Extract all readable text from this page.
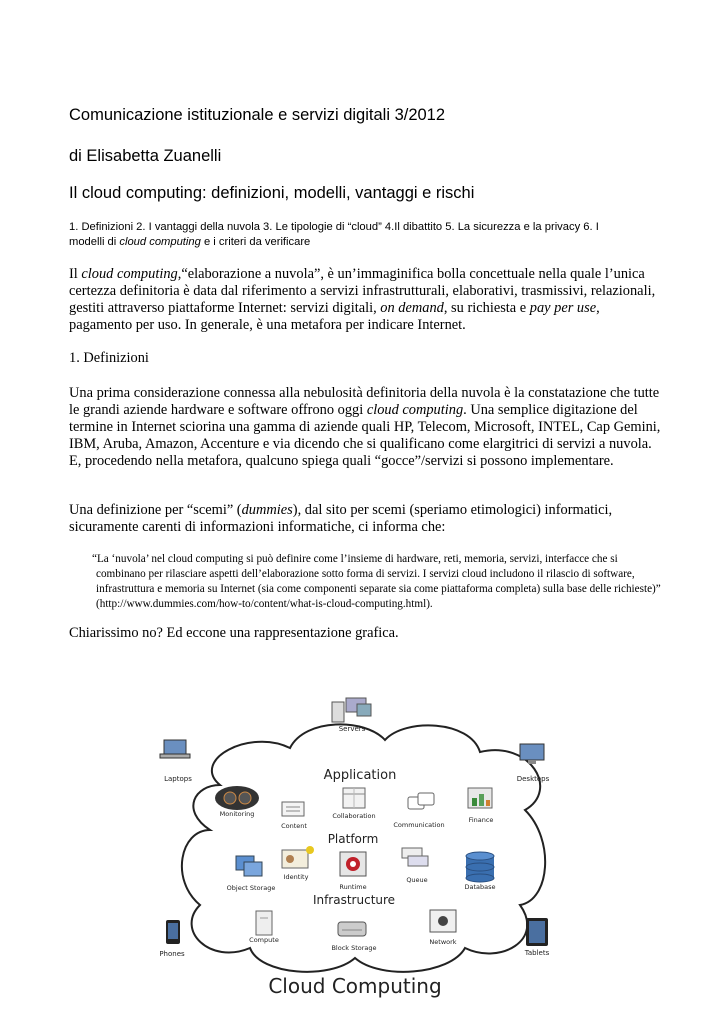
Comunicazione istituzionale e servizi digitali 3/2012
di Elisabetta Zuanelli
Il cloud computing: definizioni, modelli, vantaggi e rischi

1. Definizioni 2. I vantaggi della nuvola 3. Le tipologie di “cloud” 4.Il dibattito 5. La sicurezza e la privacy 6. I
modelli di cloud computing e i criteri da verificare

Il cloud computing,“elaborazione a nuvola”, è un’immaginifica bolla concettuale nella quale l’unica certezza definitoria è data dal riferimento a servizi infrastrutturali, elaborativi, trasmissivi, relazionali, gestiti attraverso piattaforme Internet: servizi digitali, on demand, su richiesta e pay per use, pagamento per uso. In generale, è una metafora per indicare Internet.

1. Definizioni

Una prima considerazione connessa alla nebulosità definitoria della nuvola è la constatazione che tutte le grandi aziende hardware e software offrono oggi cloud computing. Una semplice digitazione del termine in Internet sciorina una gamma di aziende quali HP, Telecom, Microsoft, INTEL, Cap Gemini, IBM, Aruba, Amazon, Accenture e via dicendo che si qualificano come elargitrici di servizi a nuvola. E, procedendo nella metafora, qualcuno spiega quali “gocce”/servizi si possono implementare.

Una definizione per “scemi” (dummies), dal sito per scemi (speriamo etimologici) informatici, sicuramente carenti di informazioni informatiche, ci informa che:

“La ‘nuvola’ nel cloud computing si può definire come l’insieme di hardware, reti, memoria, servizi, interfacce che si combinano per rilasciare aspetti dell’elaborazione sotto forma di servizi. I servizi cloud includono il rilascio di software, infrastruttura e memoria su Internet (sia come componenti separate sia come piattaforma completa) sulla base delle richieste)” (http://www.dummies.com/how-to/content/what-is-cloud-computing.html).

Chiarissimo no? Ed eccone una rappresentazione grafica.

Servers
Laptops	Desktops
Application
Platform
Infrastructure
Monitoring
Content
Collaboration
Communication
Finance
Object Storage
Identity
Runtime
Queue
Database
Compute
Block Storage
Network
Phones	Tablets
Cloud Computing
